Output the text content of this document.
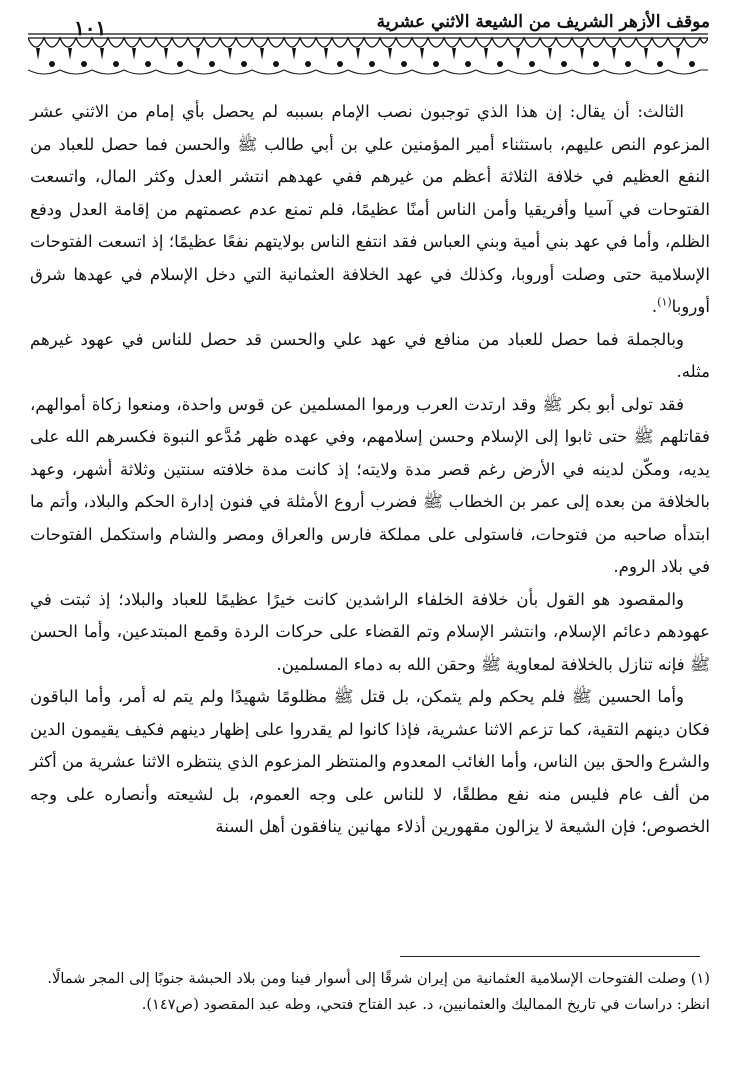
١٠١	موقف الأزهر الشريف من الشيعة الاثني عشرية

الثالث: أن يقال: إن هذا الذي توجبون نصب الإمام بسببه لم يحصل بأي إمام من الاثني عشر المزعوم النص عليهم، باستثناء أمير المؤمنين علي بن أبي طالب ﷺ والحسن فما حصل للعباد من النفع العظيم في خلافة الثلاثة أعظم من غيرهم ففي عهدهم انتشر العدل وكثر المال، واتسعت الفتوحات في آسيا وأفريقيا وأمن الناس أمنًا عظيمًا، فلم تمنع عدم عصمتهم من إقامة العدل ودفع الظلم، وأما في عهد بني أمية وبني العباس فقد انتفع الناس بولايتهم نفعًا عظيمًا؛ إذ اتسعت الفتوحات الإسلامية حتى وصلت أوروبا، وكذلك في عهد الخلافة العثمانية التي دخل الإسلام في عهدها شرق أوروبا$^{(١)}$.

وبالجملة فما حصل للعباد من منافع في عهد علي والحسن قد حصل للناس في عهود غيرهم مثله.

فقد تولى أبو بكر ﷺ وقد ارتدت العرب ورموا المسلمين عن قوس واحدة، ومنعوا زكاة أموالهم، فقاتلهم ﷺ حتى ثابوا إلى الإسلام وحسن إسلامهم، وفي عهده ظهر مُدَّعو النبوة فكسرهم الله على يديه، ومكّن لدينه في الأرض رغم قصر مدة ولايته؛ إذ كانت مدة خلافته سنتين وثلاثة أشهر، وعهد بالخلافة من بعده إلى عمر بن الخطاب ﷺ فضرب أروع الأمثلة في فنون إدارة الحكم والبلاد، وأتم ما ابتدأه صاحبه من فتوحات، فاستولى على مملكة فارس والعراق ومصر والشام واستكمل الفتوحات في بلاد الروم.

والمقصود هو القول بأن خلافة الخلفاء الراشدين كانت خيرًا عظيمًا للعباد والبلاد؛ إذ ثبتت في عهودهم دعائم الإسلام، وانتشر الإسلام وتم القضاء على حركات الردة وقمع المبتدعين، وأما الحسن ﷺ فإنه تنازل بالخلافة لمعاوية ﷺ وحقن الله به دماء المسلمين.

وأما الحسين ﷺ فلم يحكم ولم يتمكن، بل قتل ﷺ مظلومًا شهيدًا ولم يتم له أمر، وأما الباقون فكان دينهم التقية، كما تزعم الاثنا عشرية، فإذا كانوا لم يقدروا على إظهار دينهم فكيف يقيمون الدين والشرع والحق بين الناس، وأما الغائب المعدوم والمنتظر المزعوم الذي ينتظره الاثنا عشرية من أكثر من ألف عام فليس منه نفع مطلقًا، لا للناس على وجه العموم، بل لشيعته وأنصاره على وجه الخصوص؛ فإن الشيعة لا يزالون مقهورين أذلاء مهانين ينافقون أهل السنة

(١) وصلت الفتوحات الإسلامية العثمانية من إيران شرقًا إلى أسوار فينا ومن بلاد الحبشة جنوبًا إلى المجر شمالًا.

انظر: دراسات في تاريخ المماليك والعثمانيين، د. عبد الفتاح فتحي، وطه عبد المقصود (ص١٤٧).
